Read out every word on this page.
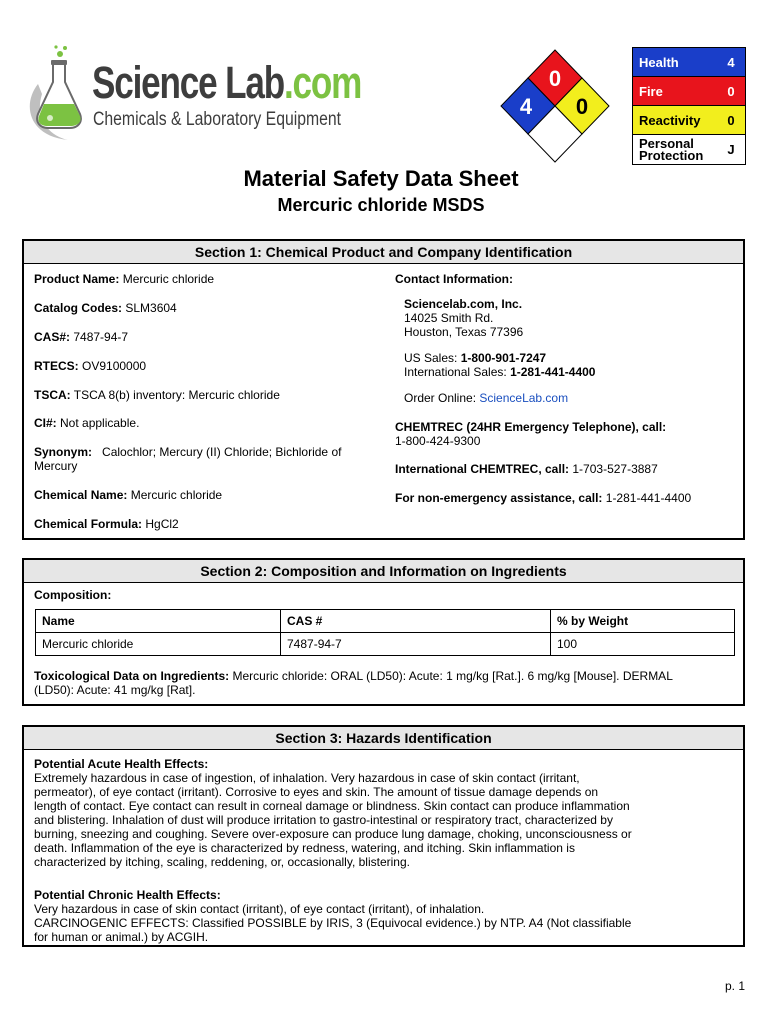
Science Lab.com
Chemicals & Laboratory Equipment
0
4 0
Health	4
Fire	0
Reactivity	0
Personal
Protection	J
Material Safety Data Sheet
Mercuric chloride MSDS
Section 1: Chemical Product and Company Identification
Product Name: Mercuric chloride
Catalog Codes: SLM3604
CAS#: 7487-94-7
RTECS: OV9100000
TSCA: TSCA 8(b) inventory: Mercuric chloride
CI#: Not applicable.
Synonym: Calochlor; Mercury (II) Chloride; Bichloride of
Mercury
Chemical Name: Mercuric chloride
Chemical Formula: HgCl2
Contact Information:
Sciencelab.com, Inc.
14025 Smith Rd.
Houston, Texas 77396
US Sales: 1-800-901-7247
International Sales: 1-281-441-4400
Order Online: ScienceLab.com
CHEMTREC (24HR Emergency Telephone), call:
1-800-424-9300
International CHEMTREC, call: 1-703-527-3887
For non-emergency assistance, call: 1-281-441-4400
Section 2: Composition and Information on Ingredients
Composition:
Name	CAS #	% by Weight
Mercuric chloride	7487-94-7	100
Toxicological Data on Ingredients: Mercuric chloride: ORAL (LD50): Acute: 1 mg/kg [Rat.]. 6 mg/kg [Mouse]. DERMAL
(LD50): Acute: 41 mg/kg [Rat].
Section 3: Hazards Identification
Potential Acute Health Effects:
Extremely hazardous in case of ingestion, of inhalation. Very hazardous in case of skin contact (irritant,
permeator), of eye contact (irritant). Corrosive to eyes and skin. The amount of tissue damage depends on
length of contact. Eye contact can result in corneal damage or blindness. Skin contact can produce inflammation
and blistering. Inhalation of dust will produce irritation to gastro-intestinal or respiratory tract, characterized by
burning, sneezing and coughing. Severe over-exposure can produce lung damage, choking, unconsciousness or
death. Inflammation of the eye is characterized by redness, watering, and itching. Skin inflammation is
characterized by itching, scaling, reddening, or, occasionally, blistering.
Potential Chronic Health Effects:
Very hazardous in case of skin contact (irritant), of eye contact (irritant), of inhalation.
CARCINOGENIC EFFECTS: Classified POSSIBLE by IRIS, 3 (Equivocal evidence.) by NTP. A4 (Not classifiable
for human or animal.) by ACGIH.
p. 1
